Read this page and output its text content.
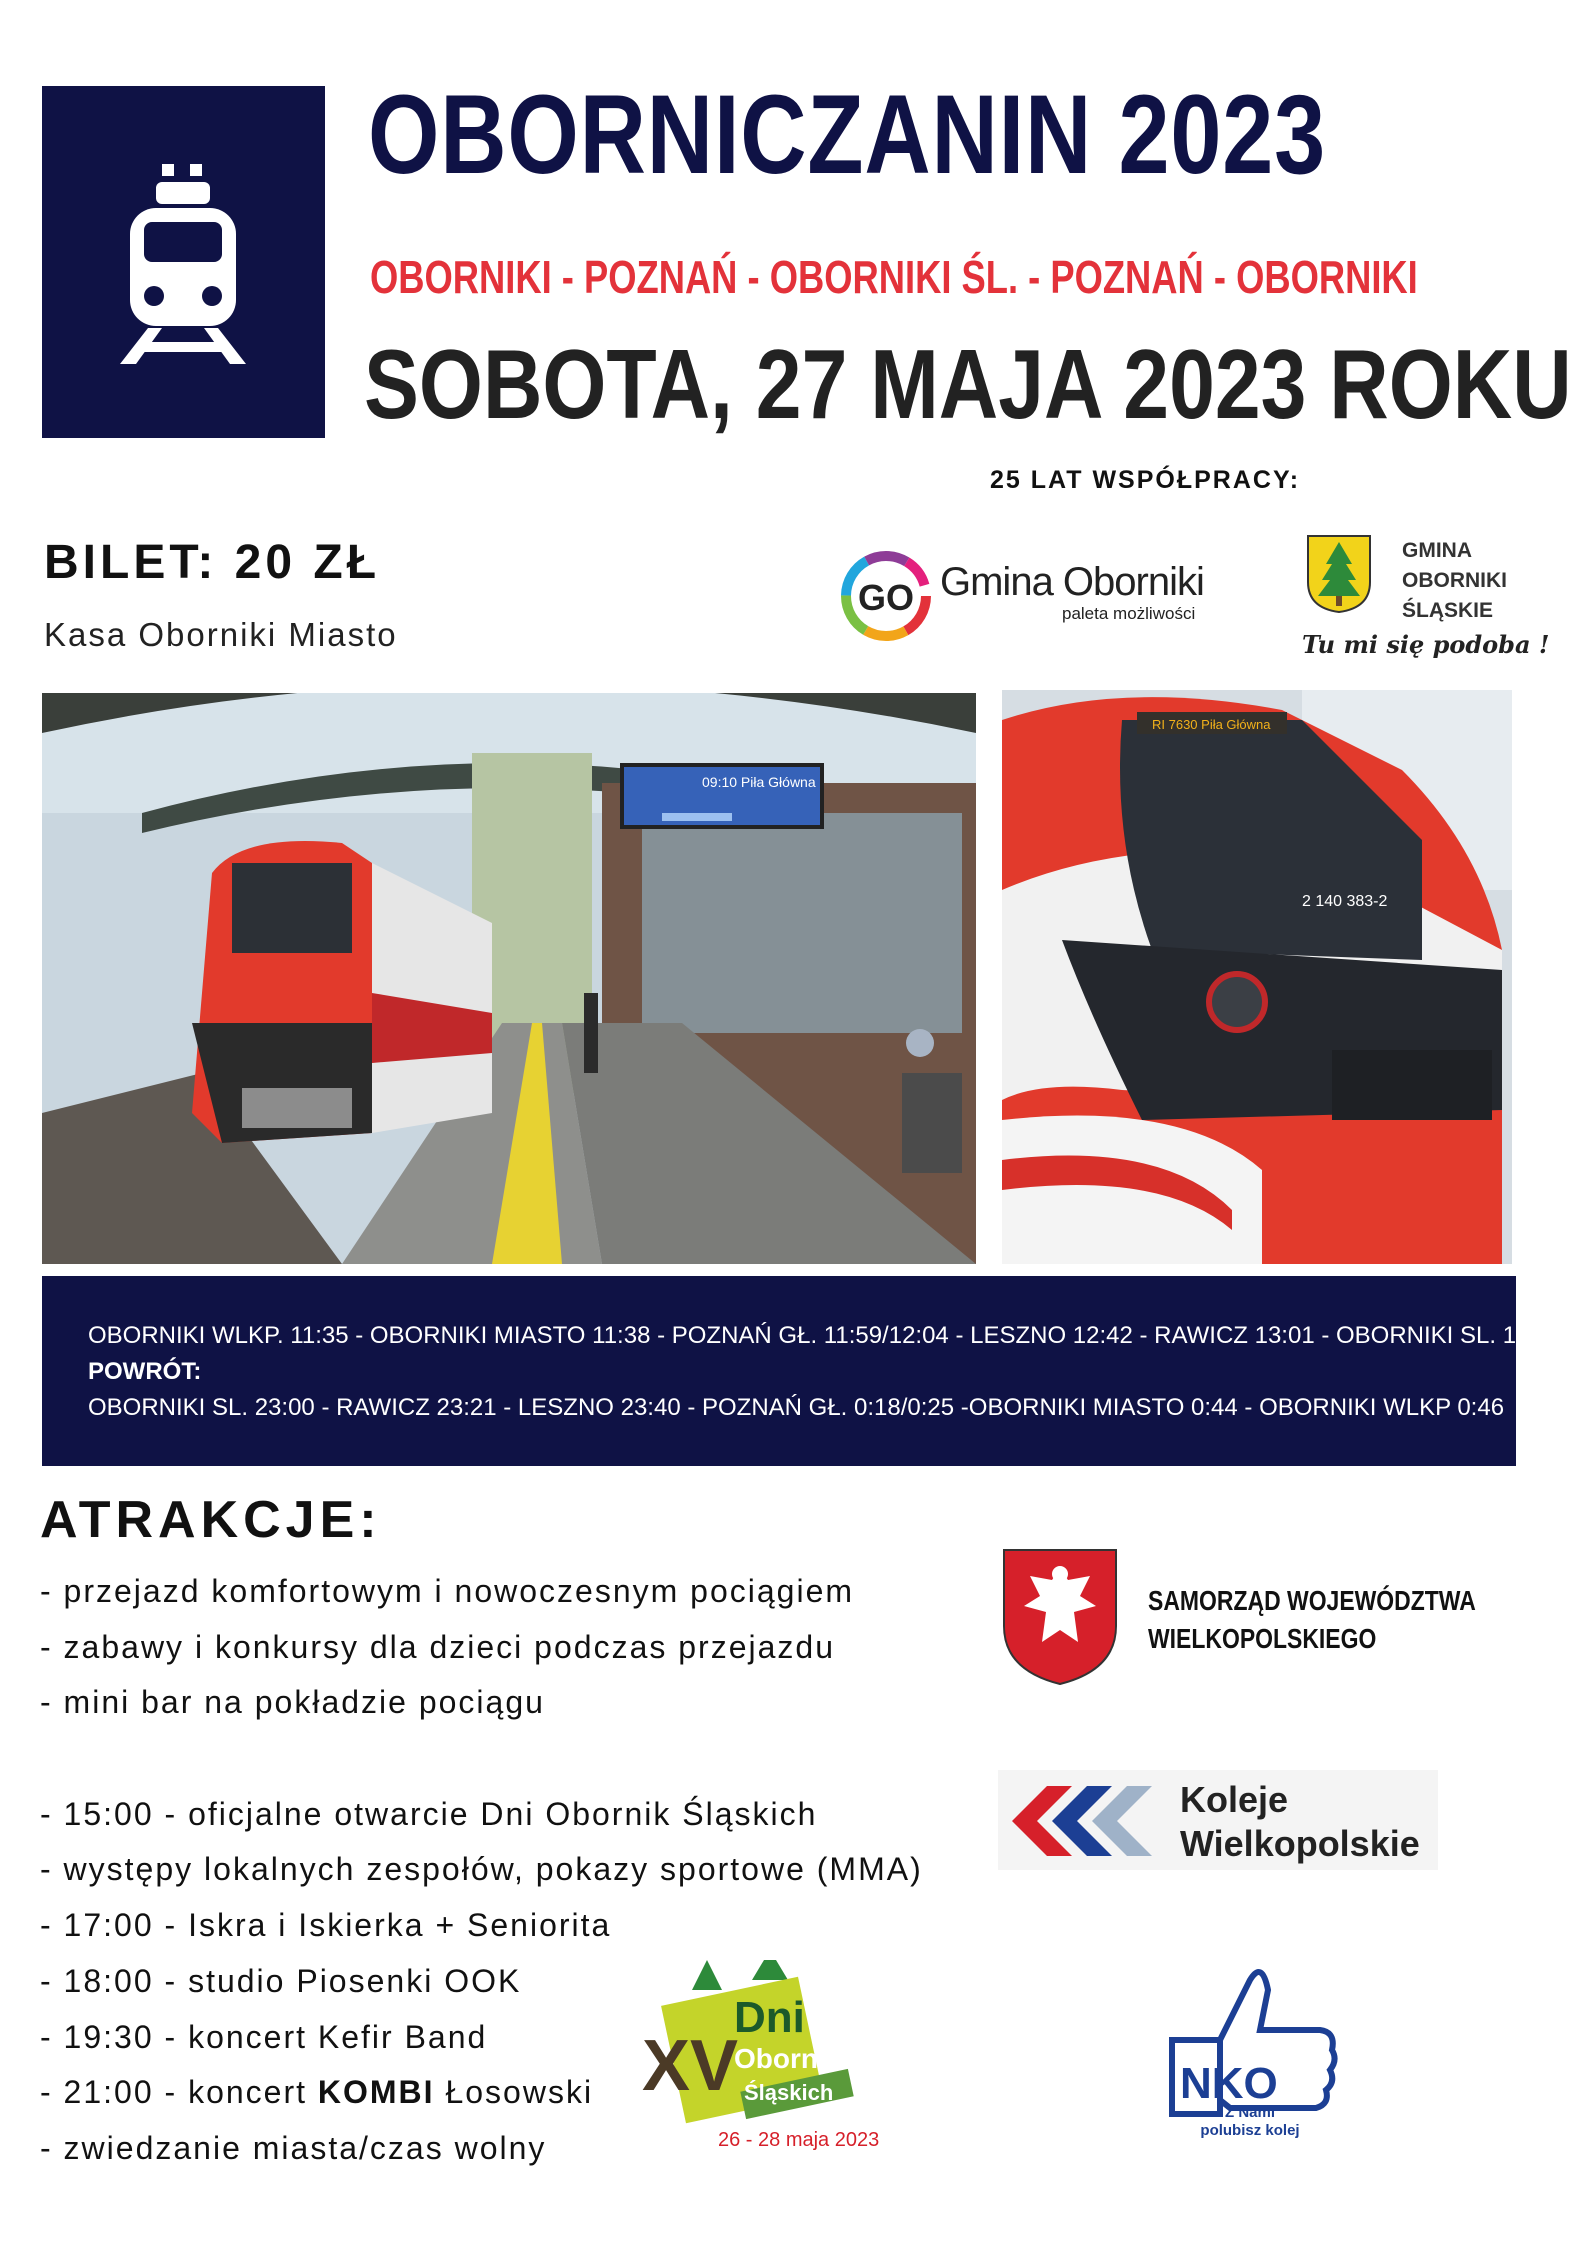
OBORNICZANIN 2023
OBORNIKI - POZNAŃ - OBORNIKI ŚL. - POZNAŃ - OBORNIKI
SOBOTA, 27 MAJA 2023 ROKU
25 LAT WSPÓŁPRACY:
BILET: 20 ZŁ
Kasa Oborniki Miasto
GO Gmina Oborniki
paleta możliwości
GMINA
OBORNIKI
ŚLĄSKIE
Tu mi się podoba !
09:10 Piła Główna
RI 7630 Piła Główna
2 140 383-2
OBORNIKI WLKP. 11:35 - OBORNIKI MIASTO 11:38 - POZNAŃ GŁ. 11:59/12:04 - LESZNO 12:42 - RAWICZ 13:01 - OBORNIKI SL. 13:21
POWRÓT:
OBORNIKI SL. 23:00 - RAWICZ 23:21 - LESZNO 23:40 - POZNAŃ GŁ. 0:18/0:25 -OBORNIKI MIASTO 0:44 - OBORNIKI WLKP 0:46
ATRAKCJE:
- przejazd komfortowym i nowoczesnym pociągiem
- zabawy i konkursy dla dzieci podczas przejazdu
- mini bar na pokładzie pociągu
- 15:00 - oficjalne otwarcie Dni Obornik Śląskich
- występy lokalnych zespołów, pokazy sportowe (MMA)
- 17:00 - Iskra i Iskierka + Seniorita
- 18:00 - studio Piosenki OOK
- 19:30 - koncert Kefir Band
- 21:00 - koncert KOMBI Łosowski
- zwiedzanie miasta/czas wolny
SAMORZĄD WOJEWÓDZTWA
WIELKOPOLSKIEGO
Koleje
Wielkopolskie
XV
Dni
Obornik
Śląskich
26 - 28 maja 2023
NKO
Z Nami
polubisz kolej
